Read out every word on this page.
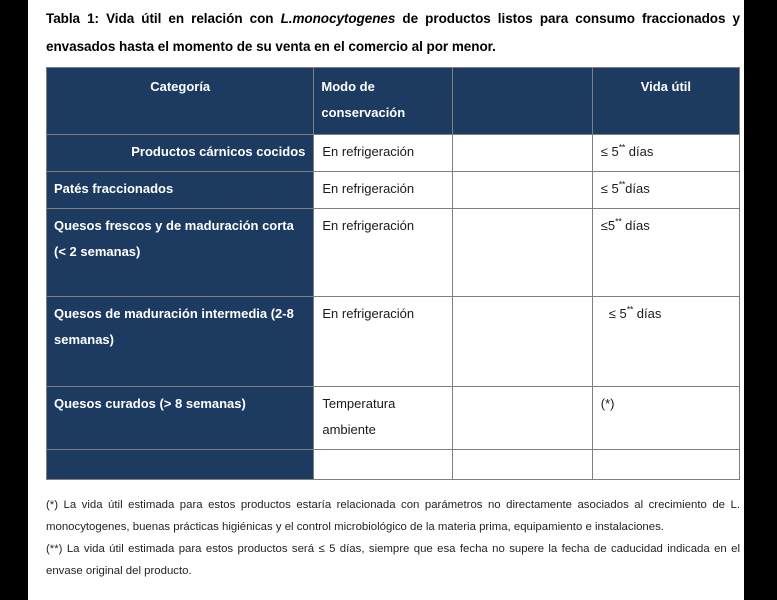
Tabla 1: Vida útil en relación con L.monocytogenes de productos listos para consumo fraccionados y envasados hasta el momento de su venta en el comercio al por menor.

Categoría	Modo de conservación		Vida útil
Productos cárnicos cocidos	En refrigeración		≤ 5** días
Patés fraccionados	En refrigeración		≤ 5**días
Quesos frescos y de maduración corta (< 2 semanas)	En refrigeración		≤5** días
Quesos de maduración intermedia (2-8 semanas)	En refrigeración		≤ 5** días
Quesos curados (> 8 semanas)	Temperatura ambiente		(*)

(*) La vida útil estimada para estos productos estaría relacionada con parámetros no directamente asociados al crecimiento de L. monocytogenes, buenas prácticas higiénicas y el control microbiológico de la materia prima, equipamiento e instalaciones.

(**) La vida útil estimada para estos productos será ≤ 5 días, siempre que esa fecha no supere la fecha de caducidad indicada en el envase original del producto.
